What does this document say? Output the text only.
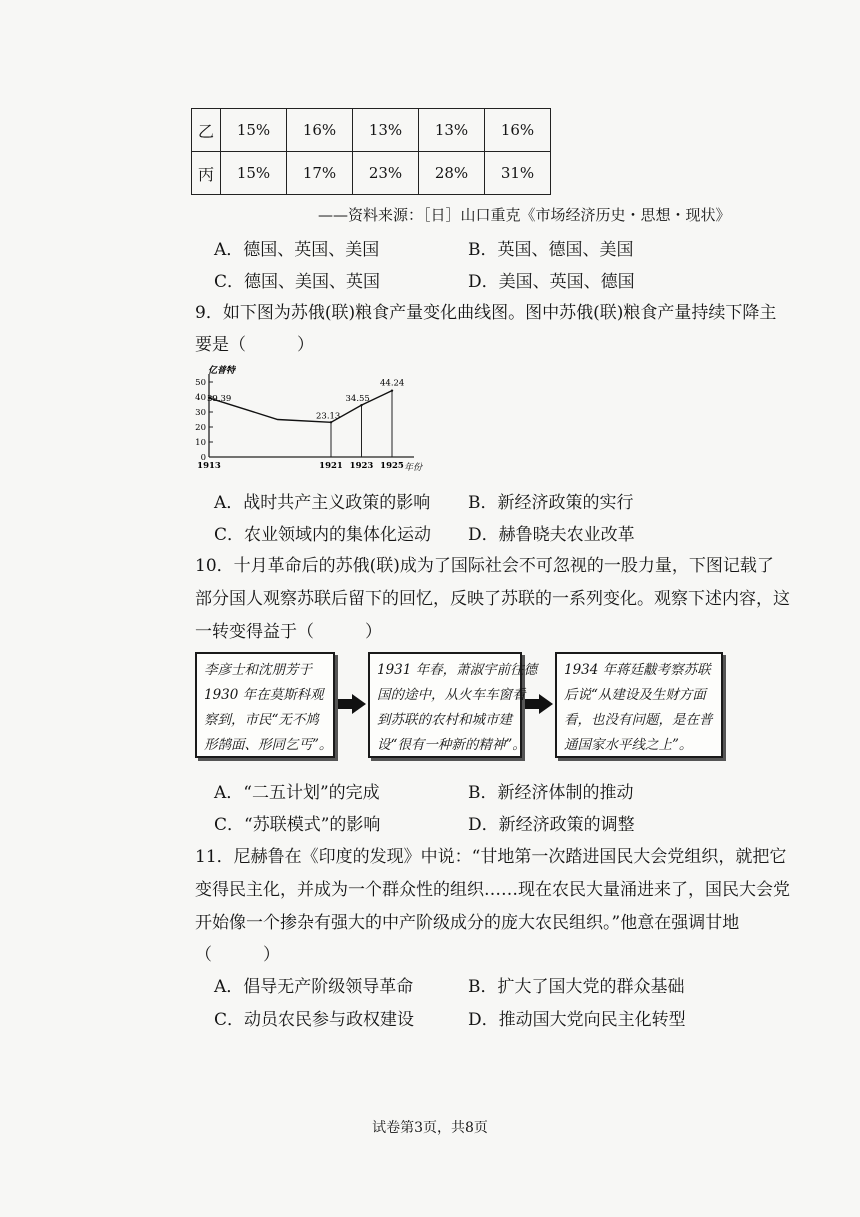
乙	15%	16%	13%	13%	16%
丙	15%	17%	23%	28%	31%
——资料来源：［日］山口重克《市场经济历史・思想・现状》
A．德国、英国、美国	B．英国、德国、美国
C．德国、美国、英国	D．美国、英国、德国
9．如下图为苏俄(联)粮食产量变化曲线图。图中苏俄(联)粮食产量持续下降主
要是（　　　）
亿普特
年份
0
10
20
30
40
50
1913	1921 1923 1925
39.39
23.13
34.55
44.24
A．战时共产主义政策的影响 B．新经济政策的实行
C．农业领域内的集体化运动 D．赫鲁晓夫农业改革
10．十月革命后的苏俄(联)成为了国际社会不可忽视的一股力量，下图记载了
部分国人观察苏联后留下的回忆，反映了苏联的一系列变化。观察下述内容，这
一转变得益于（　　　）
李彦士和沈朋芳于
1930 年在莫斯科观
察到，市民“无不鸠
形鹄面、形同乞丐”。
1931 年春，萧淑宇前往德
国的途中，从火车车窗看
到苏联的农村和城市建
设“很有一种新的精神”。
1934 年蒋廷黻考察苏联
后说“从建设及生财方面
看，也没有问题，是在普
通国家水平线之上”。
A．“二五计划”的完成	B．新经济体制的推动
C．“苏联模式”的影响	D．新经济政策的调整
11．尼赫鲁在《印度的发现》中说：“甘地第一次踏进国民大会党组织，就把它
变得民主化，并成为一个群众性的组织……现在农民大量涌进来了，国民大会党
开始像一个掺杂有强大的中产阶级成分的庞大农民组织。”他意在强调甘地
（　　　）
A．倡导无产阶级领导革命	B．扩大了国大党的群众基础
C．动员农民参与政权建设	D．推动国大党向民主化转型
试卷第3页，共8页
